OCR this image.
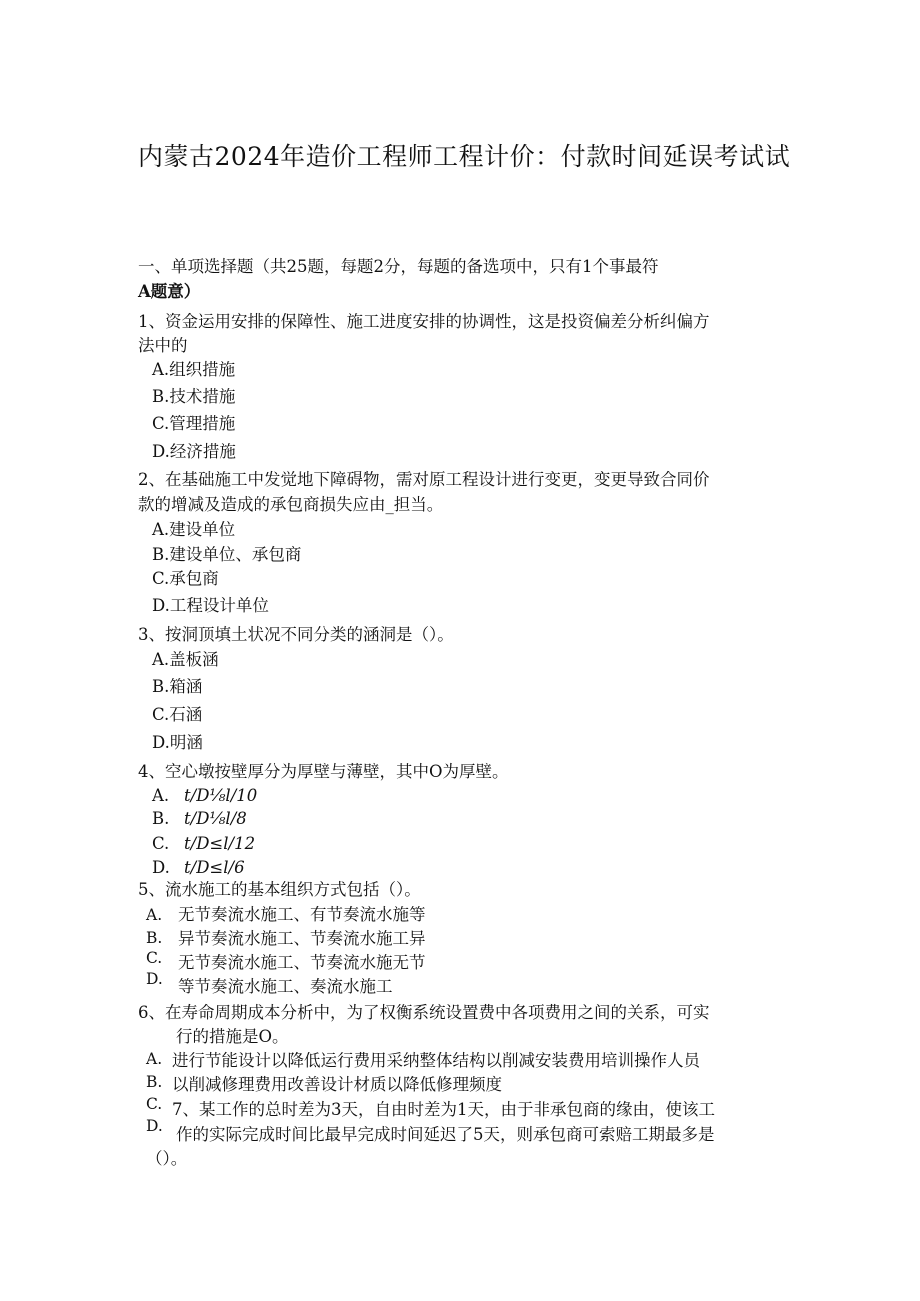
内蒙古2024年造价工程师工程计价：付款时间延误考试试
一、单项选择题（共25题，每题2分，每题的备选项中，只有1个事最符
A题意）
1、资金运用安排的保障性、施工进度安排的协调性，这是投资偏差分析纠偏方
法中的
A.组织措施
B.技术措施
C.管理措施
D.经济措施
2、在基础施工中发觉地下障碍物，需对原工程设计进行变更，变更导致合同价
款的增减及造成的承包商损失应由_担当。
A.建设单位
B.建设单位、承包商
C.承包商
D.工程设计单位
3、按洞顶填土状况不同分类的涵洞是（）。
A.盖板涵
B.箱涵
C.石涵
D.明涵
4、空心墩按壁厚分为厚壁与薄壁，其中O为厚壁。
A. t/D⅛l/10
B. t/D⅛l/8
C. t/D≤l/12
D. t/D≤l/6
5、流水施工的基本组织方式包括（）。
A.
B.
C.
D.
无节奏流水施工、有节奏流水施等
异节奏流水施工、节奏流水施工异
无节奏流水施工、节奏流水施无节
等节奏流水施工、奏流水施工
6、在寿命周期成本分析中，为了权衡系统设置费中各项费用之间的关系，可实
行的措施是O。
A.
B.
C.
D.
进行节能设计以降低运行费用采纳整体结构以削减安装费用培训操作人员
以削减修理费用改善设计材质以降低修理频度
7、某工作的总时差为3天，自由时差为1天，由于非承包商的缘由，使该工
作的实际完成时间比最早完成时间延迟了5天，则承包商可索赔工期最多是
（）。
